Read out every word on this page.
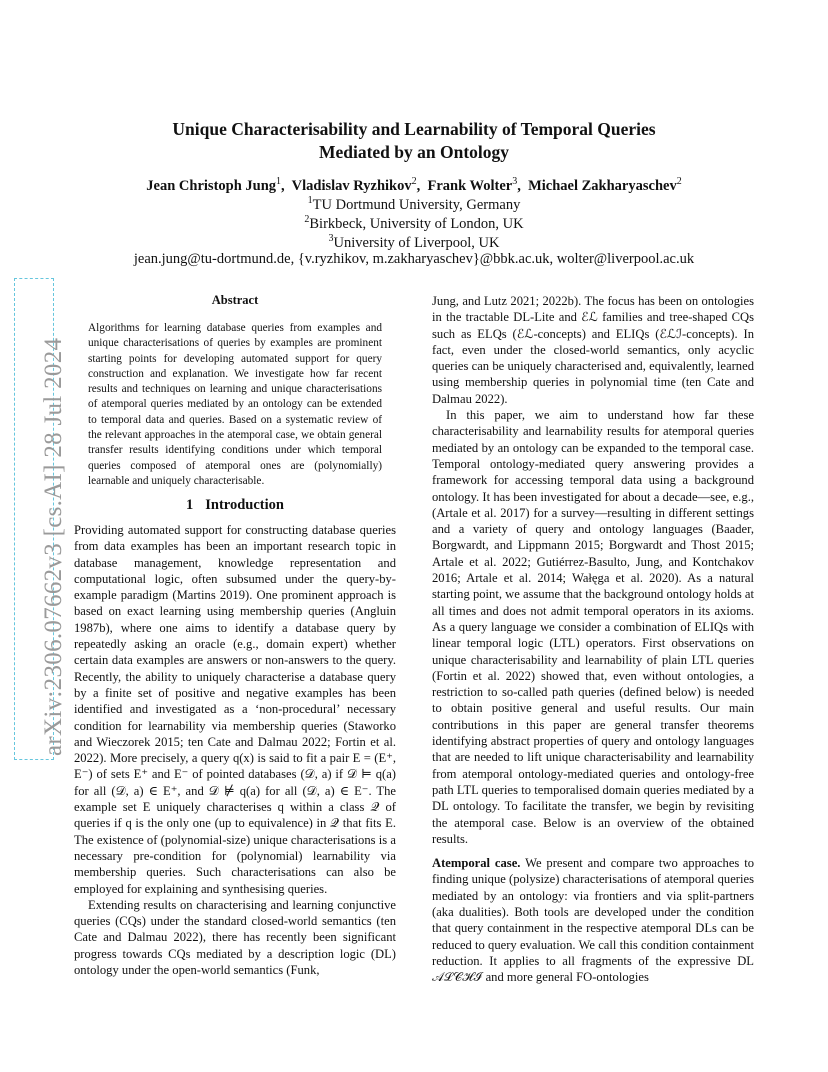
arXiv:2306.07662v3 [cs.AI] 28 Jul 2024
Unique Characterisability and Learnability of Temporal Queries
Mediated by an Ontology
Jean Christoph Jung$^1$,  Vladislav Ryzhikov$^2$,  Frank Wolter$^3$,  Michael Zakharyaschev$^2$
$^1$TU Dortmund University, Germany
$^2$Birkbeck, University of London, UK
$^3$University of Liverpool, UK
jean.jung@tu-dortmund.de, {v.ryzhikov, m.zakharyaschev}@bbk.ac.uk, wolter@liverpool.ac.uk
Abstract
Algorithms for learning database queries from examples and unique characterisations of queries by examples are prominent starting points for developing automated support for query construction and explanation. We investigate how far recent results and techniques on learning and unique characterisations of atemporal queries mediated by an ontology can be extended to temporal data and queries. Based on a systematic review of the relevant approaches in the atemporal case, we obtain general transfer results identifying conditions under which temporal queries composed of atemporal ones are (polynomially) learnable and uniquely characterisable.
1 Introduction

Providing automated support for constructing database queries from data examples has been an important research topic in database management, knowledge representation and computational logic, often subsumed under the query-by-example paradigm (Martins 2019). One prominent approach is based on exact learning using membership queries (Angluin 1987b), where one aims to identify a database query by repeatedly asking an oracle (e.g., domain expert) whether certain data examples are answers or non-answers to the query. Recently, the ability to uniquely characterise a database query by a finite set of positive and negative examples has been identified and investigated as a ‘non-procedural’ necessary condition for learnability via membership queries (Staworko and Wieczorek 2015; ten Cate and Dalmau 2022; Fortin et al. 2022). More precisely, a query q(x) is said to fit a pair E = (E⁺, E⁻) of sets E⁺ and E⁻ of pointed databases (𝒟, a) if 𝒟 ⊨ q(a) for all (𝒟, a) ∈ E⁺, and 𝒟 ⊭ q(a) for all (𝒟, a) ∈ E⁻. The example set E uniquely characterises q within a class 𝒬 of queries if q is the only one (up to equivalence) in 𝒬 that fits E. The existence of (polynomial-size) unique characterisations is a necessary pre-condition for (polynomial) learnability via membership queries. Such characterisations can also be employed for explaining and synthesising queries.

Extending results on characterising and learning conjunctive queries (CQs) under the standard closed-world semantics (ten Cate and Dalmau 2022), there has recently been significant progress towards CQs mediated by a description logic (DL) ontology under the open-world semantics (Funk,

Jung, and Lutz 2021; 2022b). The focus has been on ontologies in the tractable DL-Lite and ℰℒ families and tree-shaped CQs such as ELQs (ℰℒ-concepts) and ELIQs (ℰℒℐ-concepts). In fact, even under the closed-world semantics, only acyclic queries can be uniquely characterised and, equivalently, learned using membership queries in polynomial time (ten Cate and Dalmau 2022).

In this paper, we aim to understand how far these characterisability and learnability results for atemporal queries mediated by an ontology can be expanded to the temporal case. Temporal ontology-mediated query answering provides a framework for accessing temporal data using a background ontology. It has been investigated for about a decade—see, e.g., (Artale et al. 2017) for a survey—resulting in different settings and a variety of query and ontology languages (Baader, Borgwardt, and Lippmann 2015; Borgwardt and Thost 2015; Artale et al. 2022; Gutiérrez-Basulto, Jung, and Kontchakov 2016; Artale et al. 2014; Wałęga et al. 2020). As a natural starting point, we assume that the background ontology holds at all times and does not admit temporal operators in its axioms. As a query language we consider a combination of ELIQs with linear temporal logic (LTL) operators. First observations on unique characterisability and learnability of plain LTL queries (Fortin et al. 2022) showed that, even without ontologies, a restriction to so-called path queries (defined below) is needed to obtain positive general and useful results. Our main contributions in this paper are general transfer theorems identifying abstract properties of query and ontology languages that are needed to lift unique characterisability and learnability from atemporal ontology-mediated queries and ontology-free path LTL queries to temporalised domain queries mediated by a DL ontology. To facilitate the transfer, we begin by revisiting the atemporal case. Below is an overview of the obtained results.

Atemporal case. We present and compare two approaches to finding unique (polysize) characterisations of atemporal queries mediated by an ontology: via frontiers and via split-partners (aka dualities). Both tools are developed under the condition that query containment in the respective atemporal DLs can be reduced to query evaluation. We call this condition containment reduction. It applies to all fragments of the expressive DL 𝒜ℒ𝒞ℋℐ and more general FO-ontologies
